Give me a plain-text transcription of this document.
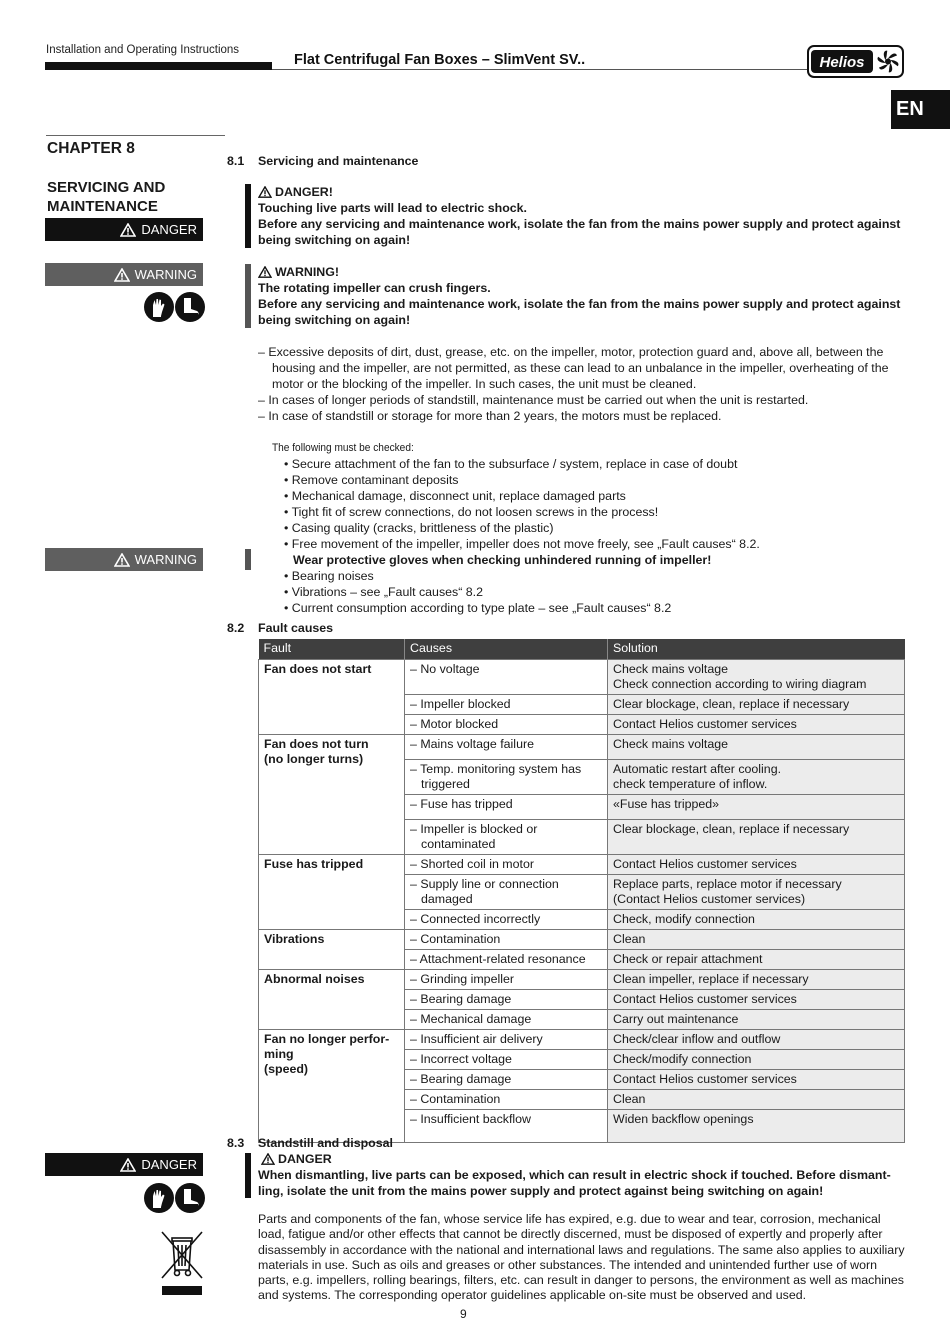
Installation and Operating Instructions
Flat Centrifugal Fan Boxes – SlimVent SV..	Helios
EN
CHAPTER 8
SERVICING AND
MAINTENANCE
DANGER
WARNING
WARNING
DANGER
8.1 Servicing and maintenance
DANGER!
Touching live parts will lead to electric shock.
Before any servicing and maintenance work, isolate the fan from the mains power supply and protect against
being switching on again!
WARNING!
The rotating impeller can crush fingers.
Before any servicing and maintenance work, isolate the fan from the mains power supply and protect against
being switching on again!
– Excessive deposits of dirt, dust, grease, etc. on the impeller, motor, protection guard and, above all, between the housing and the impeller, are not permitted, as these can lead to an unbalance in the impeller, overheating of the motor or the blocking of the impeller. In such cases, the unit must be cleaned.
– In cases of longer periods of standstill, maintenance must be carried out when the unit is restarted.
– In case of standstill or storage for more than 2 years, the motors must be replaced.
The following must be checked:
• Secure attachment of the fan to the subsurface / system, replace in case of doubt
• Remove contaminant deposits
• Mechanical damage, disconnect unit, replace damaged parts
• Tight fit of screw connections, do not loosen screws in the process!
• Casing quality (cracks, brittleness of the plastic)
• Free movement of the impeller, impeller does not move freely, see „Fault causes“ 8.2.
Wear protective gloves when checking unhindered running of impeller!
• Bearing noises
• Vibrations – see „Fault causes“ 8.2
• Current consumption according to type plate – see „Fault causes“ 8.2
8.2 Fault causes
Fault	Causes	Solution
Fan does not start	– No voltage	Check mains voltage
Check connection according to wiring diagram

	– Impeller blocked	Clear blockage, clean, replace if necessary
	– Motor blocked	Contact Helios customer services

Fan does not turn
(no longer turns)	– Mains voltage failure	Check mains voltage

	– Temp. monitoring system has triggered	Automatic restart after cooling.
check temperature of inflow.

	– Fuse has tripped	«Fuse has tripped»

	– Impeller is blocked or contaminated	Clear blockage, clean, replace if necessary
Fuse has tripped	– Shorted coil in motor	Contact Helios customer services

	– Supply line or connection damaged	Replace parts, replace motor if necessary
(Contact Helios customer services)

	– Connected incorrectly	Check, modify connection
Vibrations	– Contamination	Clean
	– Attachment-related resonance	Check or repair attachment
Abnormal noises	– Grinding impeller	Clean impeller, replace if necessary
	– Bearing damage	Contact Helios customer services
	– Mechanical damage	Carry out maintenance

Fan no longer perfor-
ming
(speed)	– Insufficient air delivery	Check/clear inflow and outflow
	– Incorrect voltage	Check/modify connection
	– Bearing damage	Contact Helios customer services
	– Contamination	Clean
	– Insufficient backflow	Widen backflow openings
8.3 Standstill and disposal
DANGER
When dismantling, live parts can be exposed, which can result in electric shock if touched. Before dismant-
ling, isolate the unit from the mains power supply and protect against being switching on again!
Parts and components of the fan, whose service life has expired, e.g. due to wear and tear, corrosion, mechanical load, fatigue and/or other effects that cannot be directly discerned, must be disposed of expertly and properly after disassembly in accordance with the national and international laws and regulations. The same also applies to auxiliary materials in use. Such as oils and greases or other substances. The intended and unintended further use of worn parts, e.g. impellers, rolling bearings, filters, etc. can result in danger to persons, the environment as well as machines and systems. The corresponding operator guidelines applicable on-site must be observed and used.
9
